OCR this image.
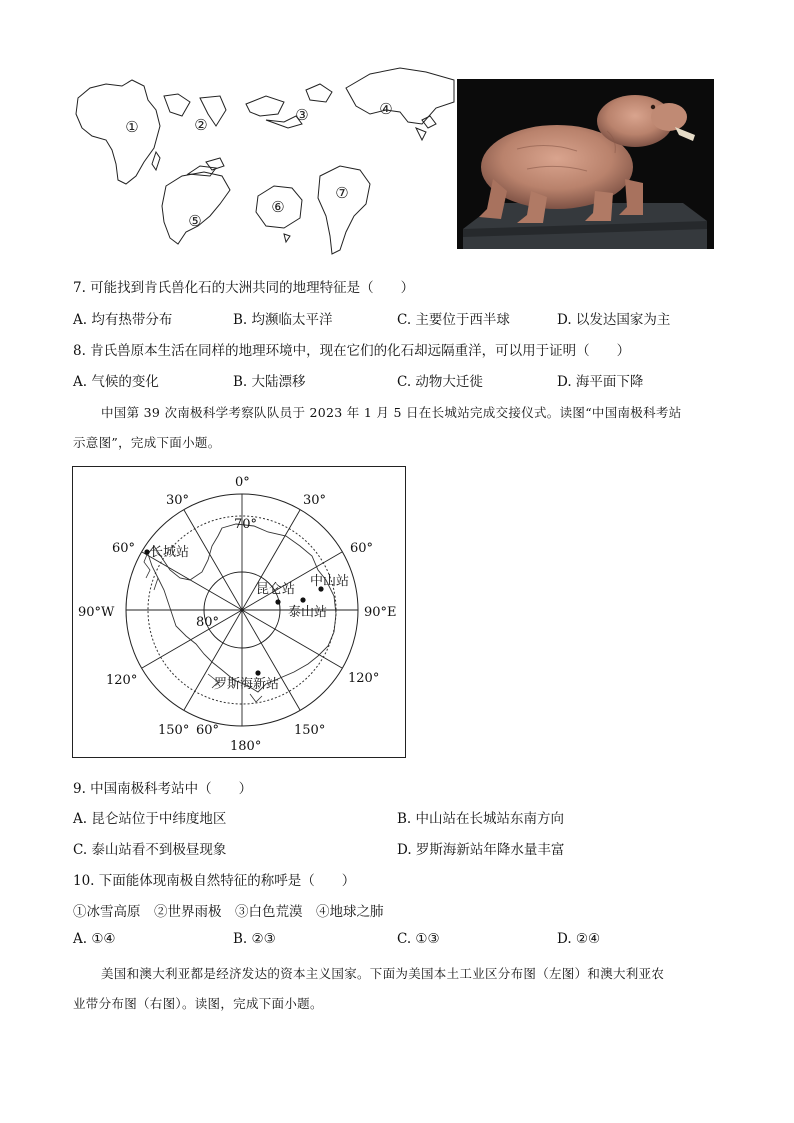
①	②
③	④
⑤
⑥
⑦
7. 可能找到肯氏兽化石的大洲共同的地理特征是（　　）
A. 均有热带分布	B. 均濒临太平洋	C. 主要位于西半球	D. 以发达国家为主
8. 肯氏兽原本生活在同样的地理环境中，现在它们的化石却远隔重洋，可以用于证明（　　）
A. 气候的变化	B. 大陆漂移	C. 动物大迁徙	D. 海平面下降
中国第 39 次南极科学考察队队员于 2023 年 1 月 5 日在长城站完成交接仪式。读图“中国南极科考站
示意图”，完成下面小题。
长城站
昆仑站
中山站
泰山站
罗斯海新站
0°
30°	30°
60°	60°
90°W	90°E
120°	120°
150°	150°
180°
70°
80°
60°
9. 中国南极科考站中（　　）
A. 昆仑站位于中纬度地区	B. 中山站在长城站东南方向
C. 泰山站看不到极昼现象	D. 罗斯海新站年降水量丰富
10. 下面能体现南极自然特征的称呼是（　　）
①冰雪高原　②世界雨极　③白色荒漠　④地球之肺
A. ①④	B. ②③	C. ①③	D. ②④
美国和澳大利亚都是经济发达的资本主义国家。下面为美国本土工业区分布图（左图）和澳大利亚农
业带分布图（右图）。读图，完成下面小题。
